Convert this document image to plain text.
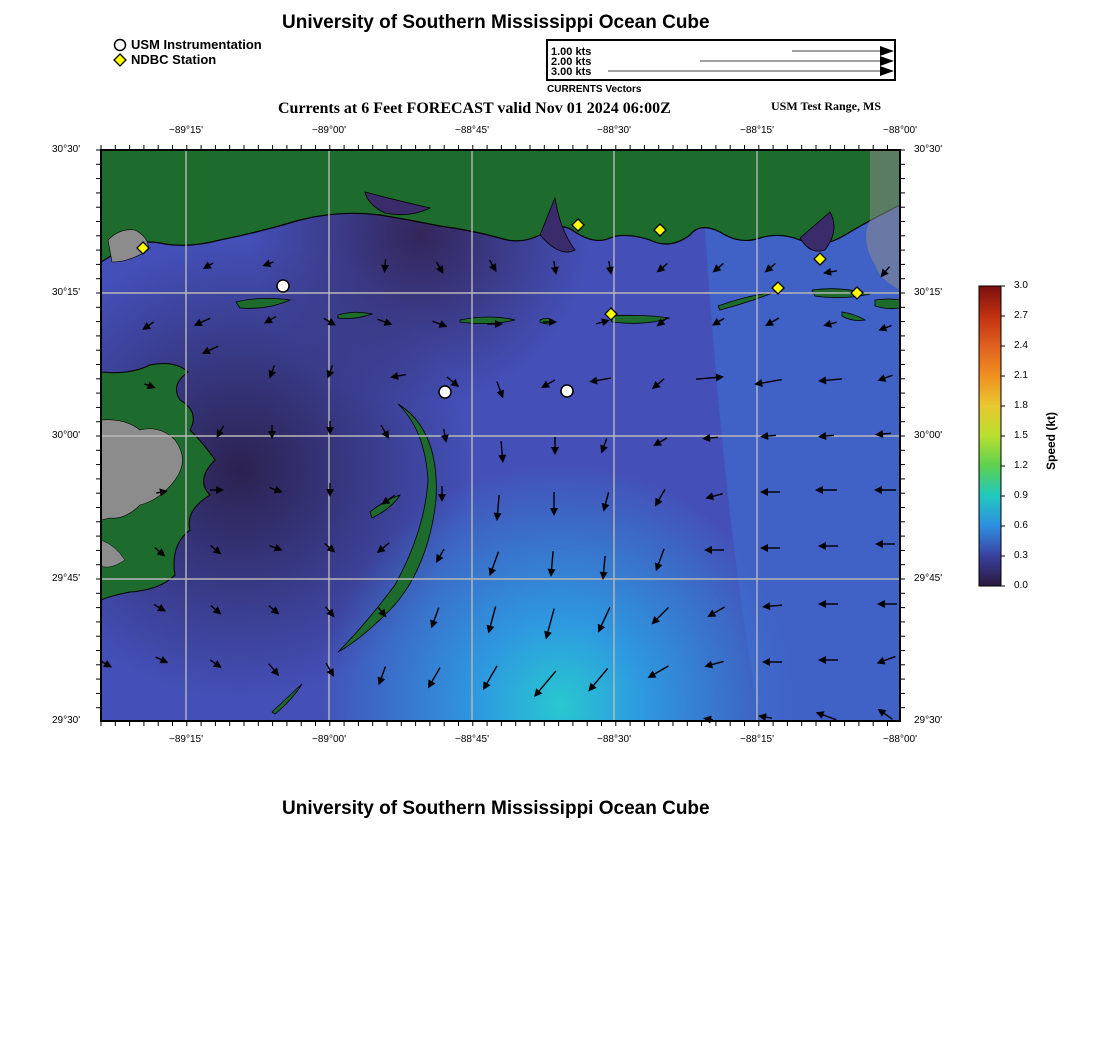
University of Southern Mississippi Ocean Cube
USM Instrumentation
NDBC Station	1.00 kts
2.00 kts
3.00 kts
CURRENTS Vectors
Currents at 6 Feet FORECAST valid Nov 01 2024 06:00Z	USM Test Range, MS
−89°15'	−89°00'	−88°45'	−88°30'	−88°15'	−88°00'
−89°15'	−89°00'	−88°45'	−88°30'	−88°15'	−88°00'
30°30'
30°15'
30°00'
29°45'
29°30'
30°30'
30°15'
30°00'
29°45'
29°30'
3.0
2.7
2.4
2.1
1.8
1.5
1.2
0.9
0.6
0.3
0.0
Speed (kt)
University of Southern Mississippi Ocean Cube
